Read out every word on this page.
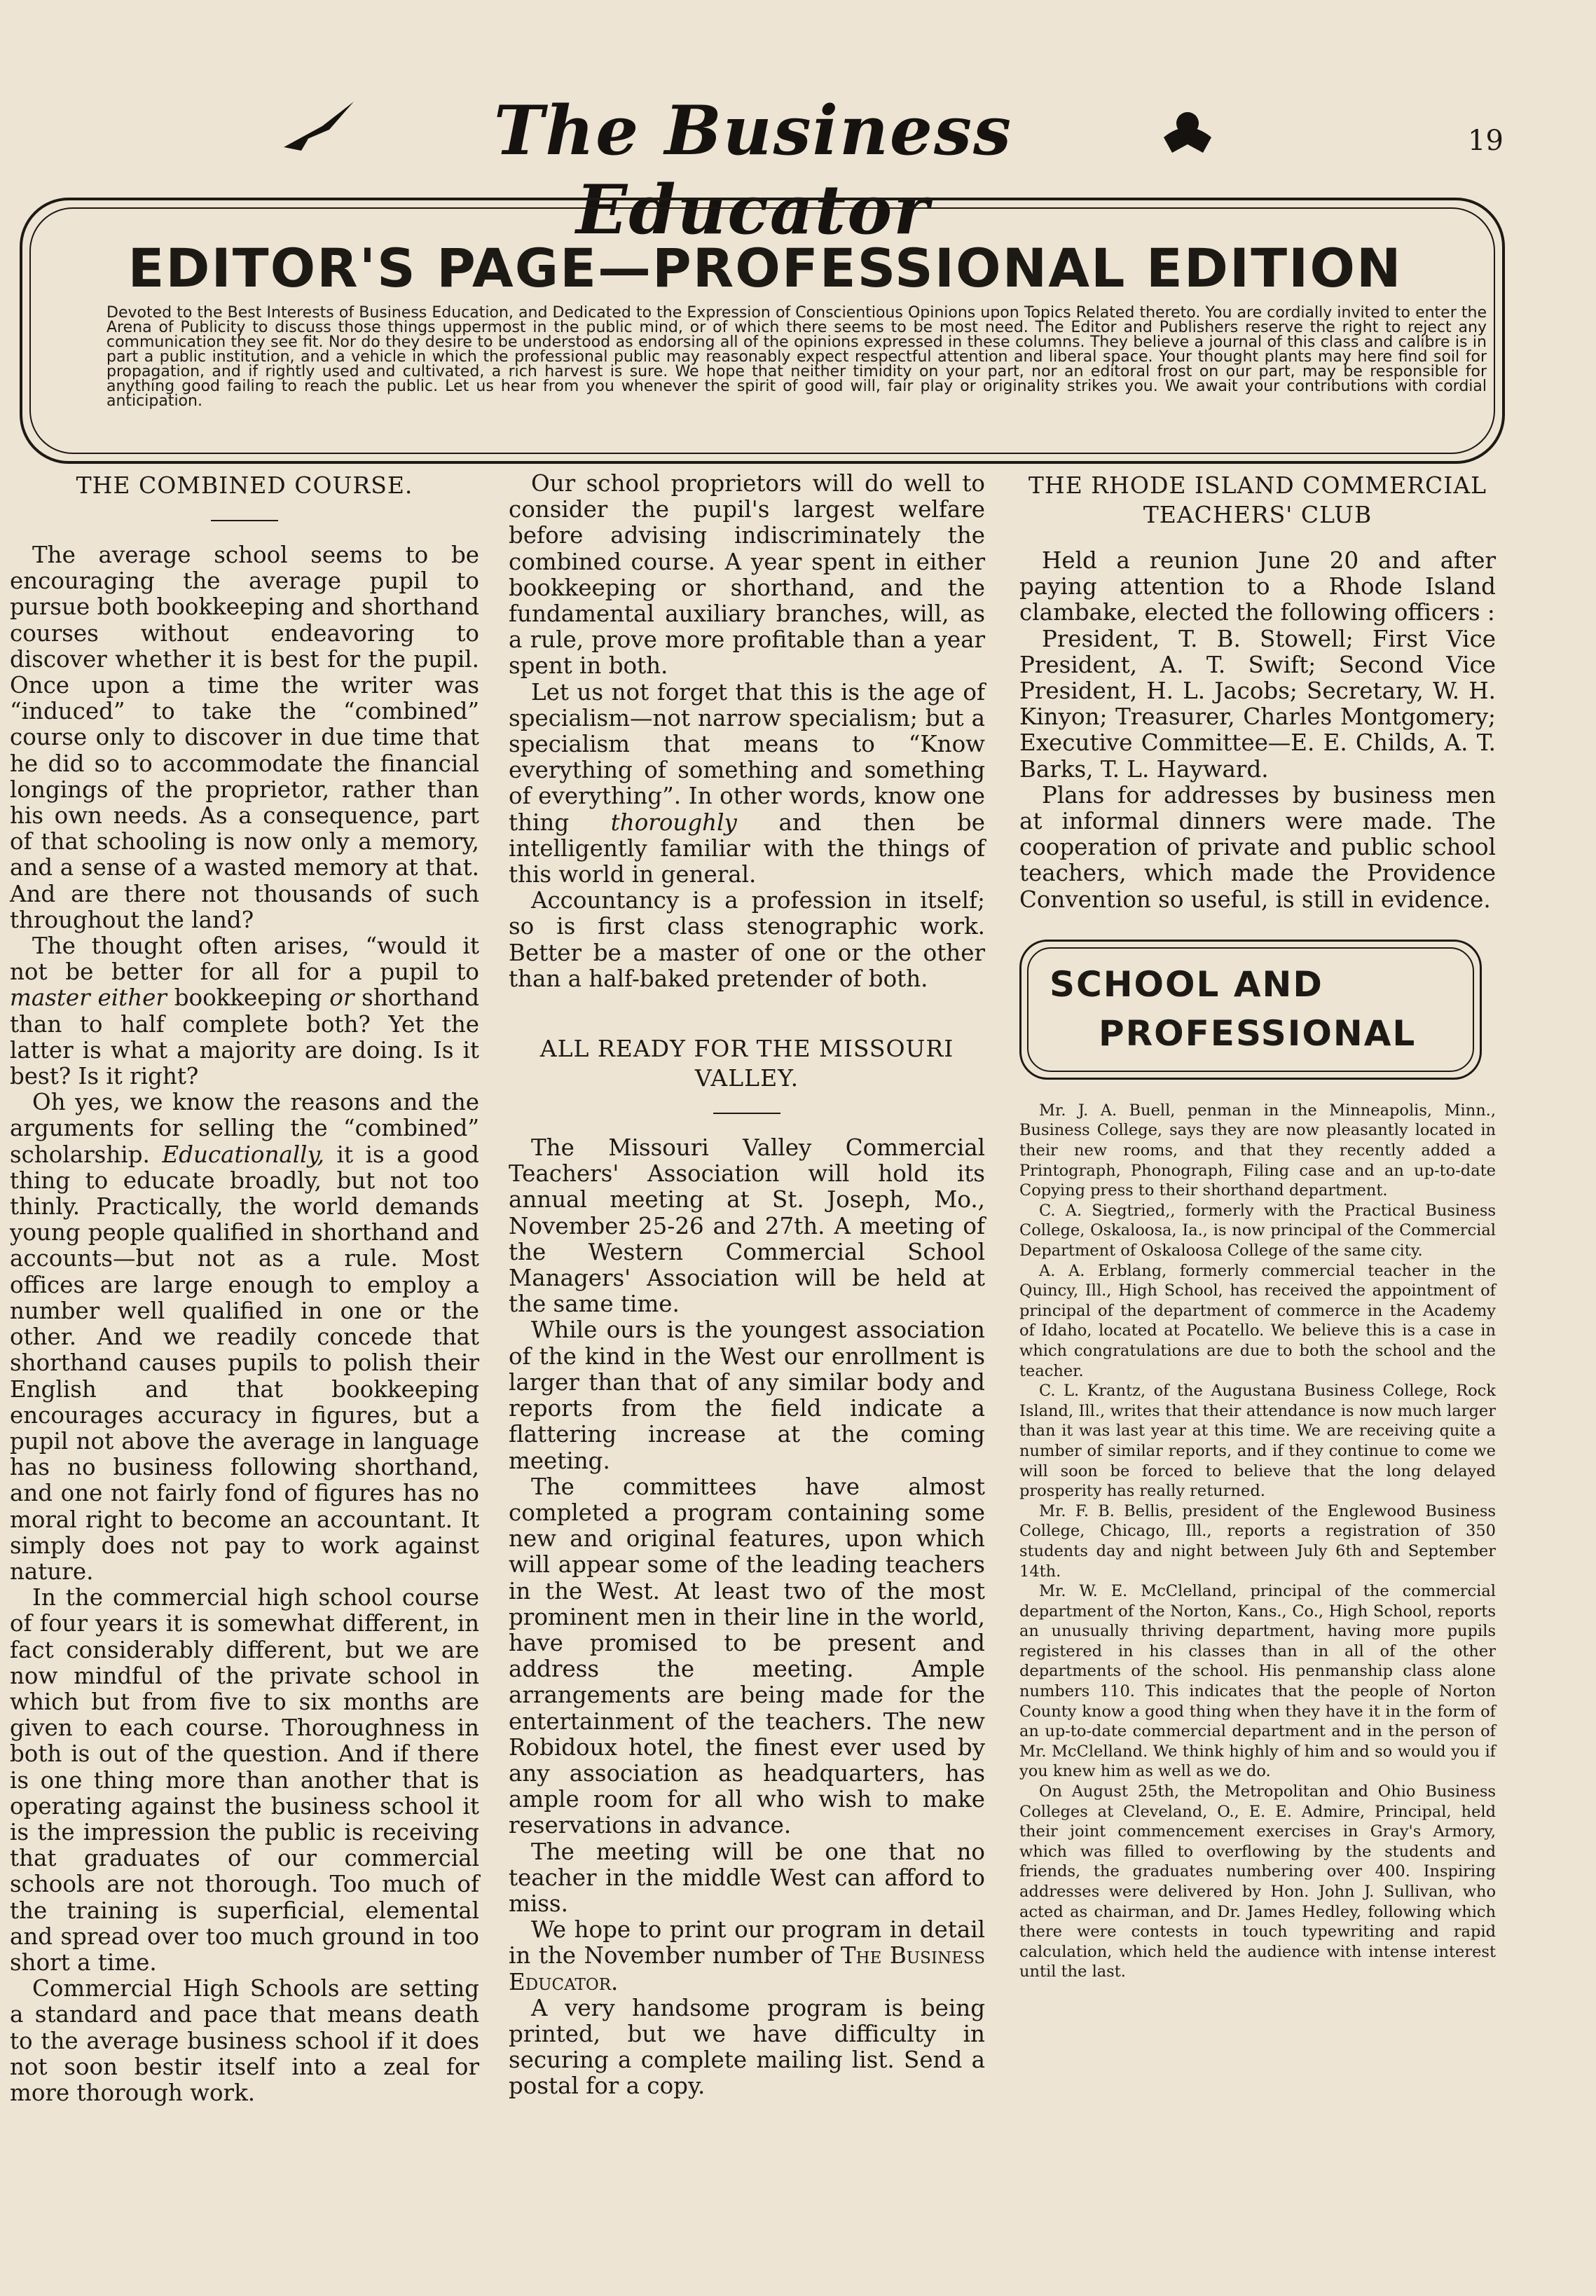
The Business Educator
19
EDITOR'S PAGE—PROFESSIONAL EDITION
Devoted to the Best Interests of Business Education, and Dedicated to the Expression of Conscientious Opinions upon Topics Related thereto. You are cordially invited to enter the Arena of Publicity to discuss those things uppermost in the public mind, or of which there seems to be most need. The Editor and Publishers reserve the right to reject any communication they see fit. Nor do they desire to be understood as endorsing all of the opinions expressed in these columns. They believe a journal of this class and calibre is in part a public institution, and a vehicle in which the professional public may reasonably expect respectful attention and liberal space. Your thought plants may here find soil for propagation, and if rightly used and cultivated, a rich harvest is sure. We hope that neither timidity on your part, nor an editoral frost on our part, may be responsible for anything good failing to reach the public. Let us hear from you whenever the spirit of good will, fair play or originality strikes you. We await your contributions with cordial anticipation.
THE COMBINED COURSE.

The average school seems to be encouraging the average pupil to pursue both bookkeeping and shorthand courses without endeavoring to discover whether it is best for the pupil. Once upon a time the writer was “induced” to take the “combined” course only to discover in due time that he did so to accommodate the financial longings of the proprietor, rather than his own needs. As a consequence, part of that schooling is now only a memory, and a sense of a wasted memory at that. And are there not thousands of such throughout the land?

The thought often arises, “would it not be better for all for a pupil to master either bookkeeping or shorthand than to half complete both? Yet the latter is what a majority are doing. Is it best? Is it right?

Oh yes, we know the reasons and the arguments for selling the “combined” scholarship. Educationally, it is a good thing to educate broadly, but not too thinly. Practically, the world demands young people qualified in shorthand and accounts—but not as a rule. Most offices are large enough to employ a number well qualified in one or the other. And we readily concede that shorthand causes pupils to polish their English and that bookkeeping encourages accuracy in figures, but a pupil not above the average in language has no business following shorthand, and one not fairly fond of figures has no moral right to become an accountant. It simply does not pay to work against nature.

In the commercial high school course of four years it is somewhat different, in fact considerably different, but we are now mindful of the private school in which but from five to six months are given to each course. Thoroughness in both is out of the question. And if there is one thing more than another that is operating against the business school it is the impression the public is receiving that graduates of our commercial schools are not thorough. Too much of the training is superficial, elemental and spread over too much ground in too short a time.

Commercial High Schools are setting a standard and pace that means death to the average business school if it does not soon bestir itself into a zeal for more thorough work.

Our school proprietors will do well to consider the pupil's largest welfare before advising indiscriminately the combined course. A year spent in either bookkeeping or shorthand, and the fundamental auxiliary branches, will, as a rule, prove more profitable than a year spent in both.

Let us not forget that this is the age of specialism—not narrow specialism; but a specialism that means to “Know everything of something and something of everything”. In other words, know one thing thoroughly and then be intelligently familiar with the things of this world in general.

Accountancy is a profession in itself; so is first class stenographic work. Better be a master of one or the other than a half-baked pretender of both.

ALL READY FOR THE MISSOURI VALLEY.

The Missouri Valley Commercial Teachers' Association will hold its annual meeting at St. Joseph, Mo., November 25-26 and 27th. A meeting of the Western Commercial School Managers' Association will be held at the same time.

While ours is the youngest association of the kind in the West our enrollment is larger than that of any similar body and reports from the field indicate a flattering increase at the coming meeting.

The committees have almost completed a program containing some new and original features, upon which will appear some of the leading teachers in the West. At least two of the most prominent men in their line in the world, have promised to be present and address the meeting. Ample arrangements are being made for the entertainment of the teachers. The new Robidoux hotel, the finest ever used by any association as headquarters, has ample room for all who wish to make reservations in advance.

The meeting will be one that no teacher in the middle West can afford to miss.

We hope to print our program in detail in the November number of The Business Educator.

A very handsome program is being printed, but we have difficulty in securing a complete mailing list. Send a postal for a copy.

THE RHODE ISLAND COMMERCIAL TEACHERS' CLUB

Held a reunion June 20 and after paying attention to a Rhode Island clambake, elected the following officers :

President, T. B. Stowell; First Vice President, A. T. Swift; Second Vice President, H. L. Jacobs; Secretary, W. H. Kinyon; Treasurer, Charles Montgomery; Executive Committee—E. E. Childs, A. T. Barks, T. L. Hayward.

Plans for addresses by business men at informal dinners were made. The cooperation of private and public school teachers, which made the Providence Convention so useful, is still in evidence.

SCHOOL AND
PROFESSIONAL

Mr. J. A. Buell, penman in the Minneapolis, Minn., Business College, says they are now pleasantly located in their new rooms, and that they recently added a Printograph, Phonograph, Filing case and an up-to-date Copying press to their shorthand department.

C. A. Siegtried,, formerly with the Practical Business College, Oskaloosa, Ia., is now principal of the Commercial Department of Oskaloosa College of the same city.

A. A. Erblang, formerly commercial teacher in the Quincy, Ill., High School, has received the appointment of principal of the department of commerce in the Academy of Idaho, located at Pocatello. We believe this is a case in which congratulations are due to both the school and the teacher.

C. L. Krantz, of the Augustana Business College, Rock Island, Ill., writes that their attendance is now much larger than it was last year at this time. We are receiving quite a number of similar reports, and if they continue to come we will soon be forced to believe that the long delayed prosperity has really returned.

Mr. F. B. Bellis, president of the Englewood Business College, Chicago, Ill., reports a registration of 350 students day and night between July 6th and September 14th.

Mr. W. E. McClelland, principal of the commercial department of the Norton, Kans., Co., High School, reports an unusually thriving department, having more pupils registered in his classes than in all of the other departments of the school. His penmanship class alone numbers 110. This indicates that the people of Norton County know a good thing when they have it in the form of an up-to-date commercial department and in the person of Mr. McClelland. We think highly of him and so would you if you knew him as well as we do.

On August 25th, the Metropolitan and Ohio Business Colleges at Cleveland, O., E. E. Admire, Principal, held their joint commencement exercises in Gray's Armory, which was filled to overflowing by the students and friends, the graduates numbering over 400. Inspiring addresses were delivered by Hon. John J. Sullivan, who acted as chairman, and Dr. James Hedley, following which there were contests in touch typewriting and rapid calculation, which held the audience with intense interest until the last.
